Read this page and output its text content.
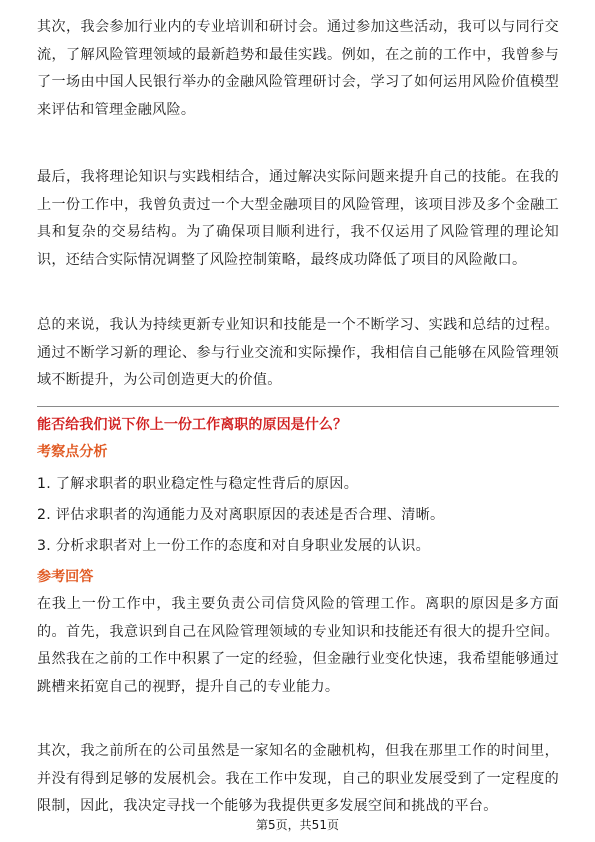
其次，我会参加行业内的专业培训和研讨会。通过参加这些活动，我可以与同行交流，了解风险管理领域的最新趋势和最佳实践。例如，在之前的工作中，我曾参与了一场由中国人民银行举办的金融风险管理研讨会，学习了如何运用风险价值模型来评估和管理金融风险。

最后，我将理论知识与实践相结合，通过解决实际问题来提升自己的技能。在我的上一份工作中，我曾负责过一个大型金融项目的风险管理，该项目涉及多个金融工具和复杂的交易结构。为了确保项目顺利进行，我不仅运用了风险管理的理论知识，还结合实际情况调整了风险控制策略，最终成功降低了项目的风险敞口。

总的来说，我认为持续更新专业知识和技能是一个不断学习、实践和总结的过程。通过不断学习新的理论、参与行业交流和实际操作，我相信自己能够在风险管理领域不断提升，为公司创造更大的价值。

能否给我们说下你上一份工作离职的原因是什么？

考察点分析

1. 了解求职者的职业稳定性与稳定性背后的原因。
2. 评估求职者的沟通能力及对离职原因的表述是否合理、清晰。
3. 分析求职者对上一份工作的态度和对自身职业发展的认识。

参考回答

在我上一份工作中，我主要负责公司信贷风险的管理工作。离职的原因是多方面的。首先，我意识到自己在风险管理领域的专业知识和技能还有很大的提升空间。虽然我在之前的工作中积累了一定的经验，但金融行业变化快速，我希望能够通过跳槽来拓宽自己的视野，提升自己的专业能力。

其次，我之前所在的公司虽然是一家知名的金融机构，但我在那里工作的时间里，并没有得到足够的发展机会。我在工作中发现，自己的职业发展受到了一定程度的限制，因此，我决定寻找一个能够为我提供更多发展空间和挑战的平台。

第5页，共51页
